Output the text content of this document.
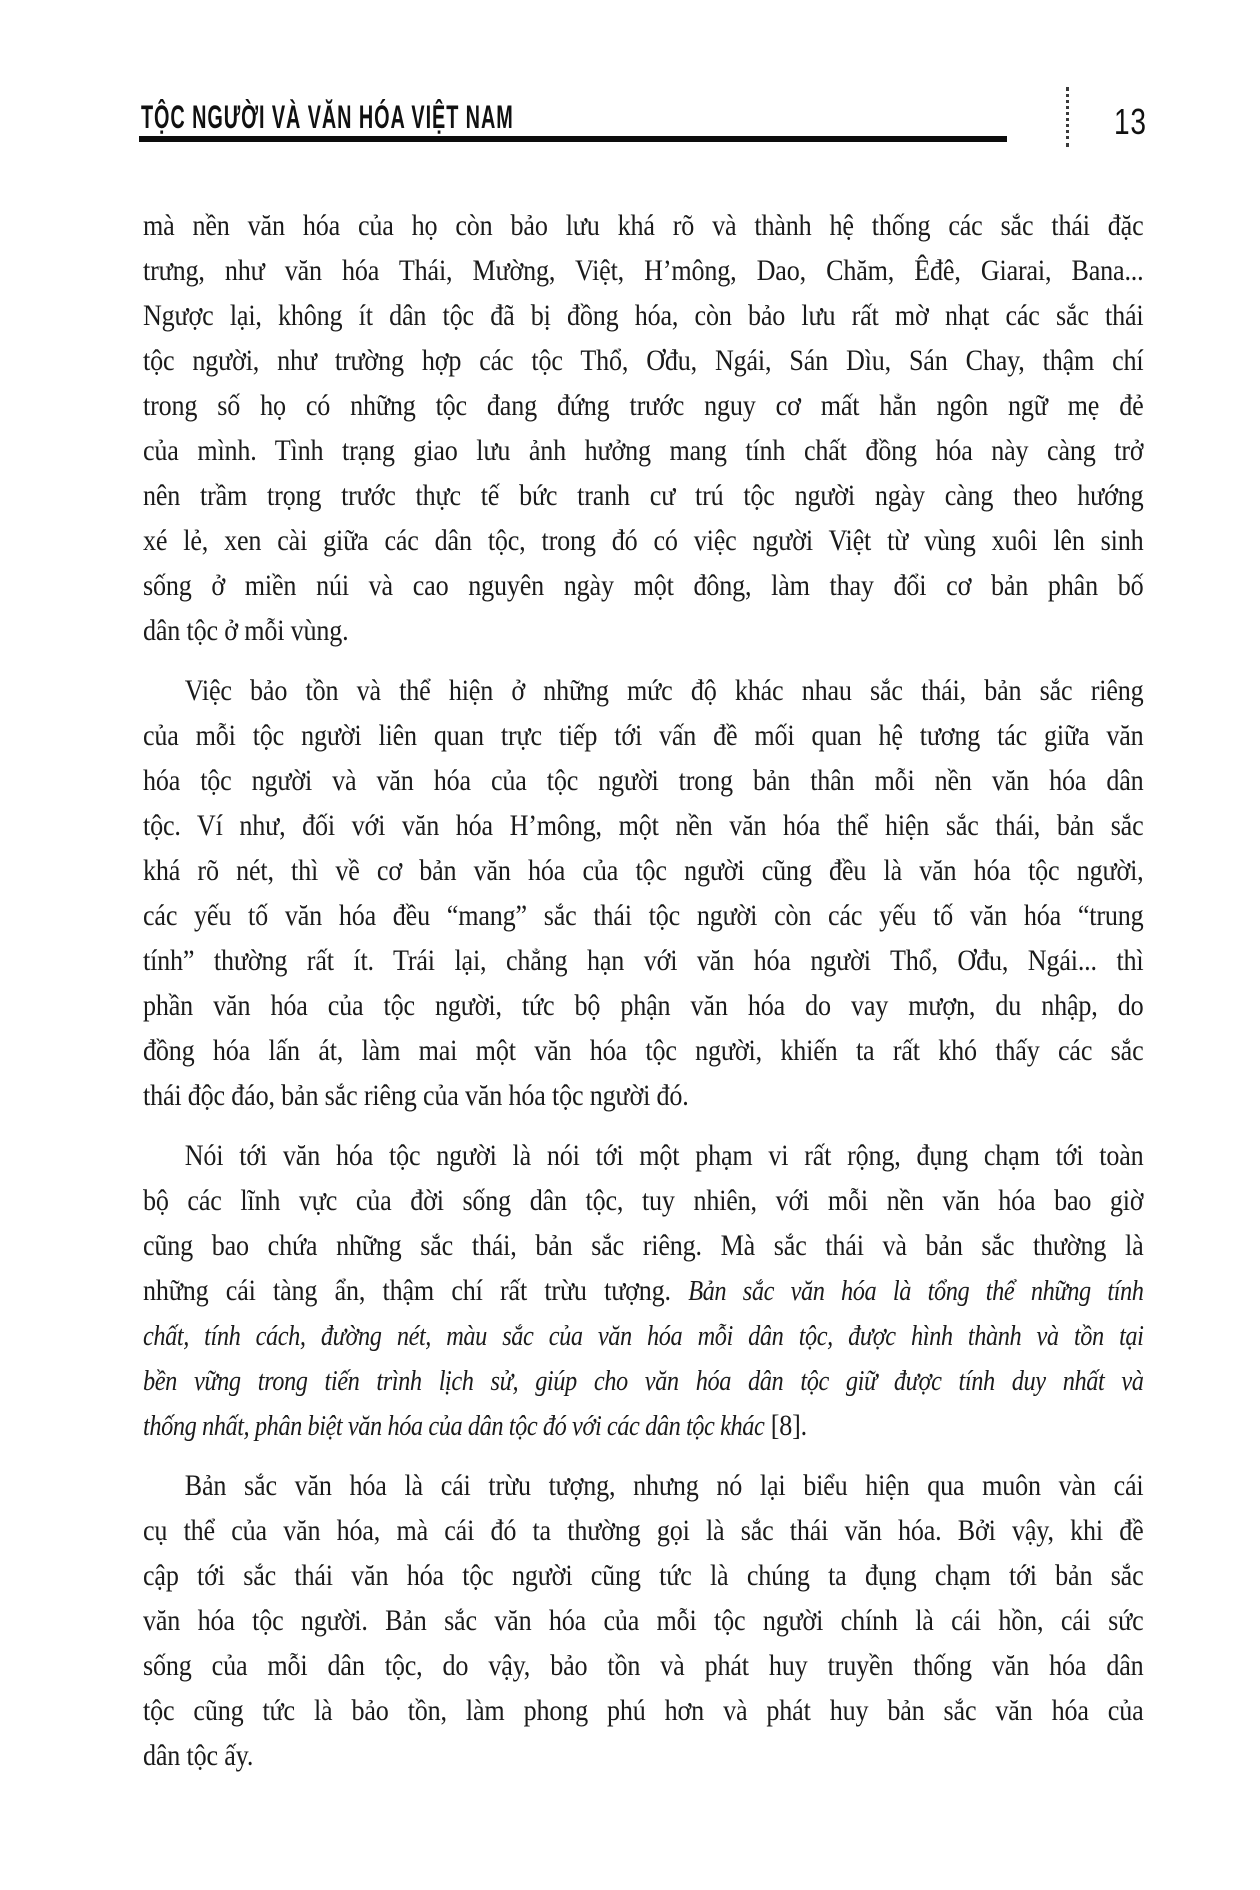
TỘC NGƯỜI VÀ VĂN HÓA VIỆT NAM	13
mà nền văn hóa của họ còn bảo lưu khá rõ và thành hệ thống các sắc thái đặc
trưng, như văn hóa Thái, Mường, Việt, H’mông, Dao, Chăm, Êđê, Giarai, Bana...
Ngược lại, không ít dân tộc đã bị đồng hóa, còn bảo lưu rất mờ nhạt các sắc thái
tộc người, như trường hợp các tộc Thổ, Ơđu, Ngái, Sán Dìu, Sán Chay, thậm chí
trong số họ có những tộc đang đứng trước nguy cơ mất hẳn ngôn ngữ mẹ đẻ
của mình. Tình trạng giao lưu ảnh hưởng mang tính chất đồng hóa này càng trở
nên trầm trọng trước thực tế bức tranh cư trú tộc người ngày càng theo hướng
xé lẻ, xen cài giữa các dân tộc, trong đó có việc người Việt từ vùng xuôi lên sinh
sống ở miền núi và cao nguyên ngày một đông, làm thay đổi cơ bản phân bố
dân tộc ở mỗi vùng.
Việc bảo tồn và thể hiện ở những mức độ khác nhau sắc thái, bản sắc riêng
của mỗi tộc người liên quan trực tiếp tới vấn đề mối quan hệ tương tác giữa văn
hóa tộc người và văn hóa của tộc người trong bản thân mỗi nền văn hóa dân
tộc. Ví như, đối với văn hóa H’mông, một nền văn hóa thể hiện sắc thái, bản sắc
khá rõ nét, thì về cơ bản văn hóa của tộc người cũng đều là văn hóa tộc người,
các yếu tố văn hóa đều “mang” sắc thái tộc người còn các yếu tố văn hóa “trung
tính” thường rất ít. Trái lại, chẳng hạn với văn hóa người Thổ, Ơđu, Ngái... thì
phần văn hóa của tộc người, tức bộ phận văn hóa do vay mượn, du nhập, do
đồng hóa lấn át, làm mai một văn hóa tộc người, khiến ta rất khó thấy các sắc
thái độc đáo, bản sắc riêng của văn hóa tộc người đó.
Nói tới văn hóa tộc người là nói tới một phạm vi rất rộng, đụng chạm tới toàn
bộ các lĩnh vực của đời sống dân tộc, tuy nhiên, với mỗi nền văn hóa bao giờ
cũng bao chứa những sắc thái, bản sắc riêng. Mà sắc thái và bản sắc thường là
những cái tàng ẩn, thậm chí rất trừu tượng. Bản sắc văn hóa là tổng thể những tính
chất, tính cách, đường nét, màu sắc của văn hóa mỗi dân tộc, được hình thành và tồn tại
bền vững trong tiến trình lịch sử, giúp cho văn hóa dân tộc giữ được tính duy nhất và
thống nhất, phân biệt văn hóa của dân tộc đó với các dân tộc khác [8].
Bản sắc văn hóa là cái trừu tượng, nhưng nó lại biểu hiện qua muôn vàn cái
cụ thể của văn hóa, mà cái đó ta thường gọi là sắc thái văn hóa. Bởi vậy, khi đề
cập tới sắc thái văn hóa tộc người cũng tức là chúng ta đụng chạm tới bản sắc
văn hóa tộc người. Bản sắc văn hóa của mỗi tộc người chính là cái hồn, cái sức
sống của mỗi dân tộc, do vậy, bảo tồn và phát huy truyền thống văn hóa dân
tộc cũng tức là bảo tồn, làm phong phú hơn và phát huy bản sắc văn hóa của
dân tộc ấy.
